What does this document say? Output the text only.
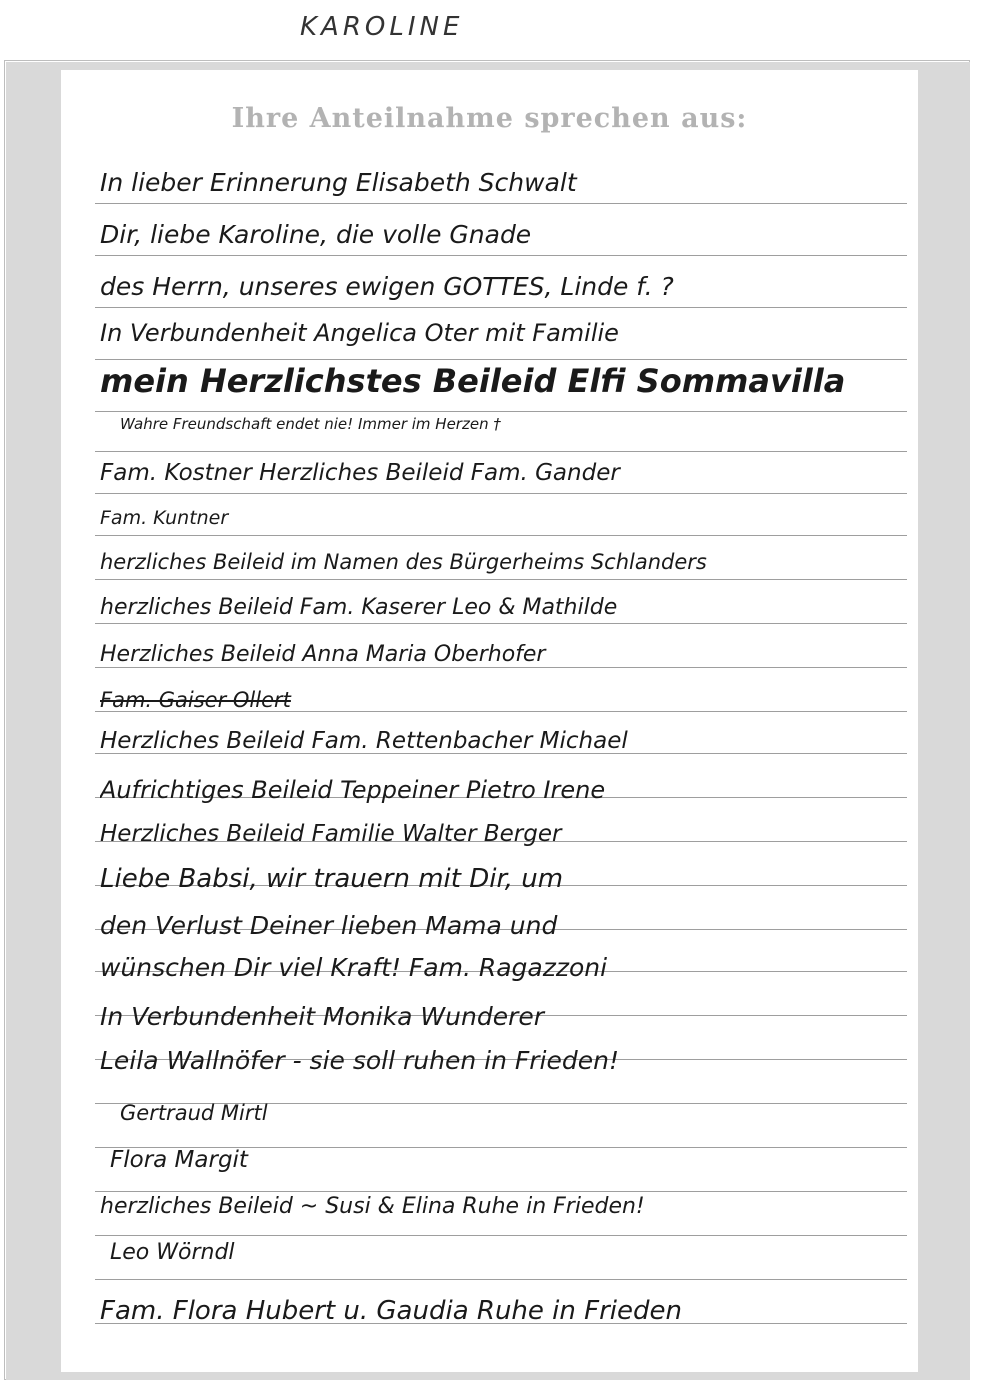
KAROLINE
Ihre Anteilnahme sprechen aus:
In lieber Erinnerung Elisabeth Schwalt
Dir, liebe Karoline, die volle Gnade
des Herrn, unseres ewigen GOTTES, Linde f. ?
In Verbundenheit Angelica Oter mit Familie
mein Herzlichstes Beileid Elfi Sommavilla
Wahre Freundschaft endet nie! Immer im Herzen †
Fam. Kostner Herzliches Beileid Fam. Gander
Fam. Kuntner
herzliches Beileid im Namen des Bürgerheims Schlanders
herzliches Beileid Fam. Kaserer Leo & Mathilde
Herzliches Beileid Anna Maria Oberhofer
Fam. Gaiser Ollert
Herzliches Beileid Fam. Rettenbacher Michael
Aufrichtiges Beileid Teppeiner Pietro Irene
Herzliches Beileid Familie Walter Berger
Liebe Babsi, wir trauern mit Dir, um
den Verlust Deiner lieben Mama und
wünschen Dir viel Kraft! Fam. Ragazzoni
In Verbundenheit Monika Wunderer
Leila Wallnöfer - sie soll ruhen in Frieden!
Gertraud Mirtl
Flora Margit
herzliches Beileid ~ Susi & Elina Ruhe in Frieden!
Leo Wörndl
Fam. Flora Hubert u. Gaudia Ruhe in Frieden
